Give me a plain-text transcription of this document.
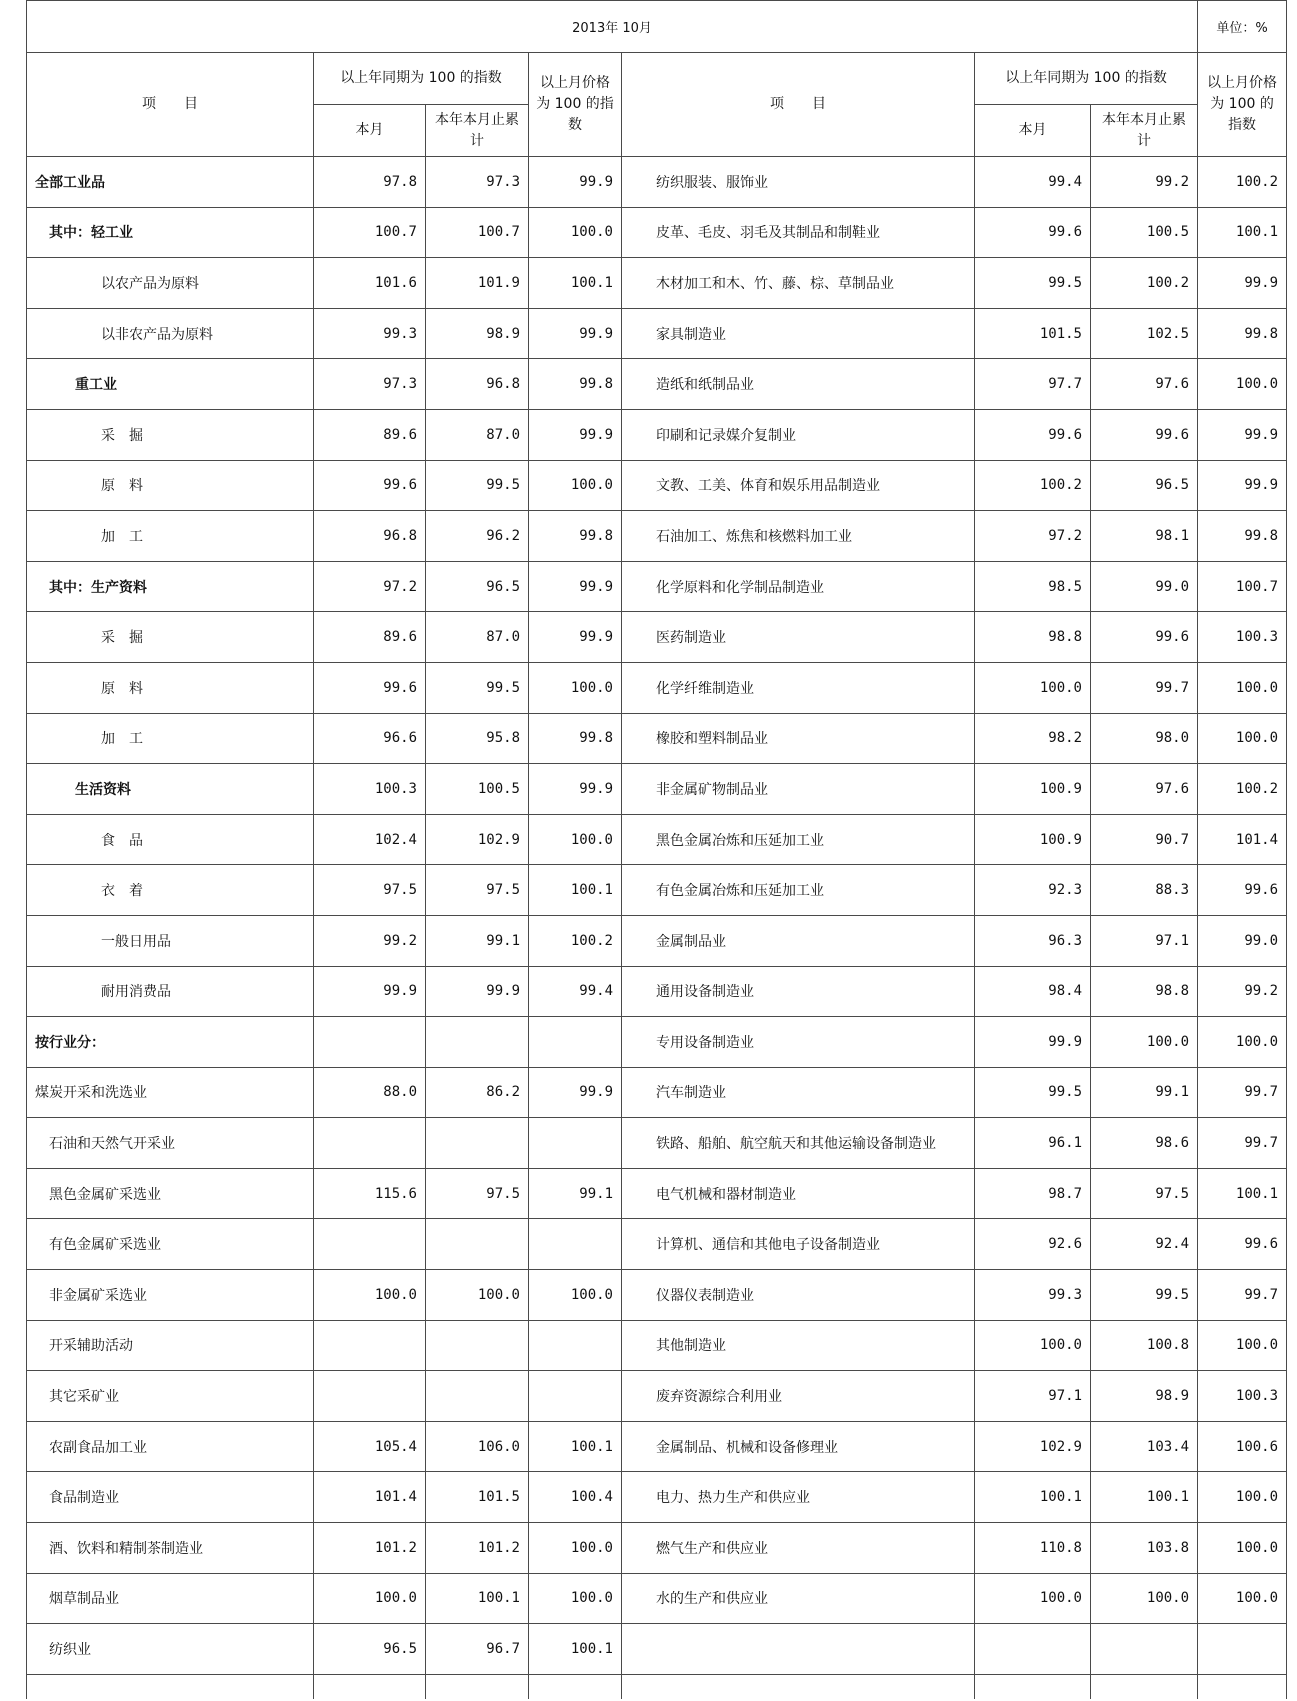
2013年 10月							单位：%
项　　目	以上年同期为 100 的指数		以上月价格为 100 的指数	项　　目	以上年同期为 100 的指数		以上月价格为 100 的指数
	本月	本年本月止累计			本月	本年本月止累计	
全部工业品	97.8	97.3	99.9	纺织服装、服饰业	99.4	99.2	100.2
其中：轻工业	100.7	100.7	100.0	皮革、毛皮、羽毛及其制品和制鞋业	99.6	100.5	100.1
以农产品为原料	101.6	101.9	100.1	木材加工和木、竹、藤、棕、草制品业	99.5	100.2	99.9
以非农产品为原料	99.3	98.9	99.9	家具制造业	101.5	102.5	99.8
重工业	97.3	96.8	99.8	造纸和纸制品业	97.7	97.6	100.0
采　掘	89.6	87.0	99.9	印刷和记录媒介复制业	99.6	99.6	99.9
原　料	99.6	99.5	100.0	文教、工美、体育和娱乐用品制造业	100.2	96.5	99.9
加　工	96.8	96.2	99.8	石油加工、炼焦和核燃料加工业	97.2	98.1	99.8
其中：生产资料	97.2	96.5	99.9	化学原料和化学制品制造业	98.5	99.0	100.7
采　掘	89.6	87.0	99.9	医药制造业	98.8	99.6	100.3
原　料	99.6	99.5	100.0	化学纤维制造业	100.0	99.7	100.0
加　工	96.6	95.8	99.8	橡胶和塑料制品业	98.2	98.0	100.0
生活资料	100.3	100.5	99.9	非金属矿物制品业	100.9	97.6	100.2
食　品	102.4	102.9	100.0	黑色金属冶炼和压延加工业	100.9	90.7	101.4
衣　着	97.5	97.5	100.1	有色金属冶炼和压延加工业	92.3	88.3	99.6
一般日用品	99.2	99.1	100.2	金属制品业	96.3	97.1	99.0
耐用消费品	99.9	99.9	99.4	通用设备制造业	98.4	98.8	99.2
按行业分：				专用设备制造业	99.9	100.0	100.0
煤炭开采和洗选业	88.0	86.2	99.9	汽车制造业	99.5	99.1	99.7
石油和天然气开采业				铁路、船舶、航空航天和其他运输设备制造业	96.1	98.6	99.7
黑色金属矿采选业	115.6	97.5	99.1	电气机械和器材制造业	98.7	97.5	100.1
有色金属矿采选业				计算机、通信和其他电子设备制造业	92.6	92.4	99.6
非金属矿采选业	100.0	100.0	100.0	仪器仪表制造业	99.3	99.5	99.7
开采辅助活动				其他制造业	100.0	100.8	100.0
其它采矿业				废弃资源综合利用业	97.1	98.9	100.3
农副食品加工业	105.4	106.0	100.1	金属制品、机械和设备修理业	102.9	103.4	100.6
食品制造业	101.4	101.5	100.4	电力、热力生产和供应业	100.1	100.1	100.0
酒、饮料和精制茶制造业	101.2	101.2	100.0	燃气生产和供应业	110.8	103.8	100.0
烟草制品业	100.0	100.1	100.0	水的生产和供应业	100.0	100.0	100.0
纺织业	96.5	96.7	100.1				
